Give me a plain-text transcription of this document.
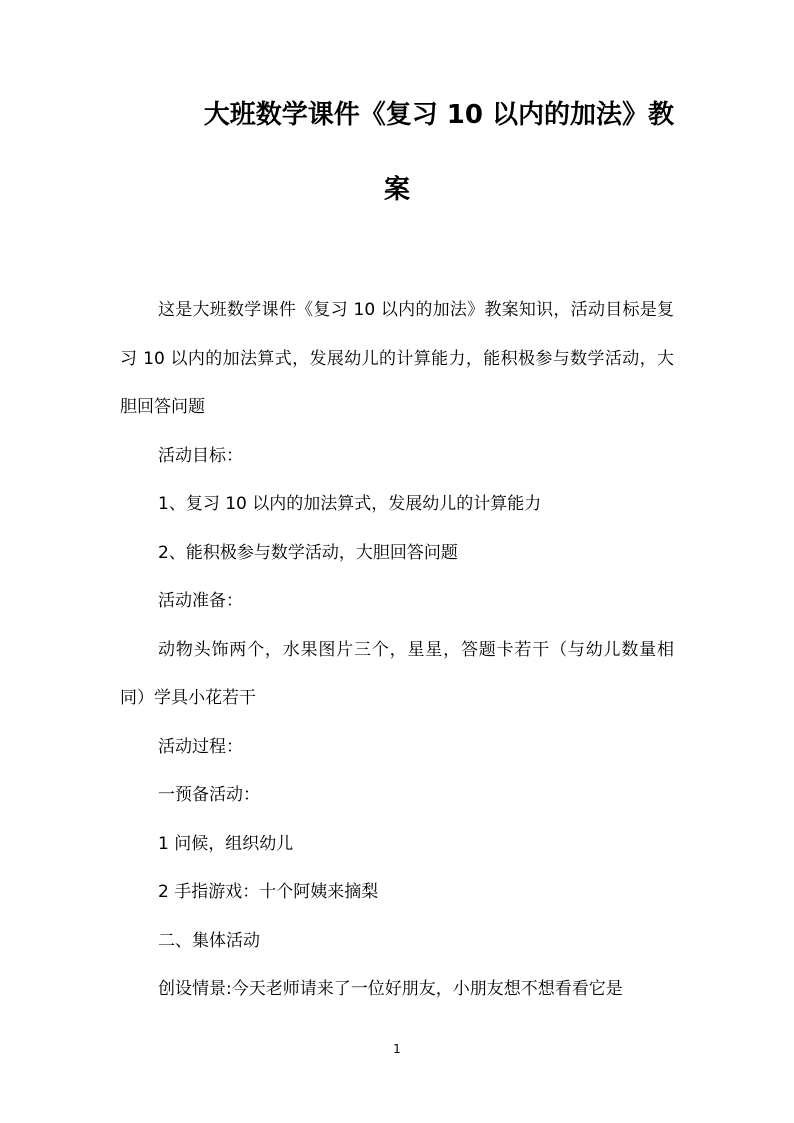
大班数学课件《复习 10 以内的加法》教
案

这是大班数学课件《复习 10 以内的加法》教案知识，活动目标是复习 10 以内的加法算式，发展幼儿的计算能力，能积极参与数学活动，大胆回答问题

活动目标：

1、复习 10 以内的加法算式，发展幼儿的计算能力

2、能积极参与数学活动，大胆回答问题

活动准备：

动物头饰两个，水果图片三个，星星，答题卡若干（与幼儿数量相同）学具小花若干

活动过程：

一预备活动：

1 问候，组织幼儿

2 手指游戏：十个阿姨来摘梨

二、集体活动

创设情景:今天老师请来了一位好朋友，小朋友想不想看看它是

1
